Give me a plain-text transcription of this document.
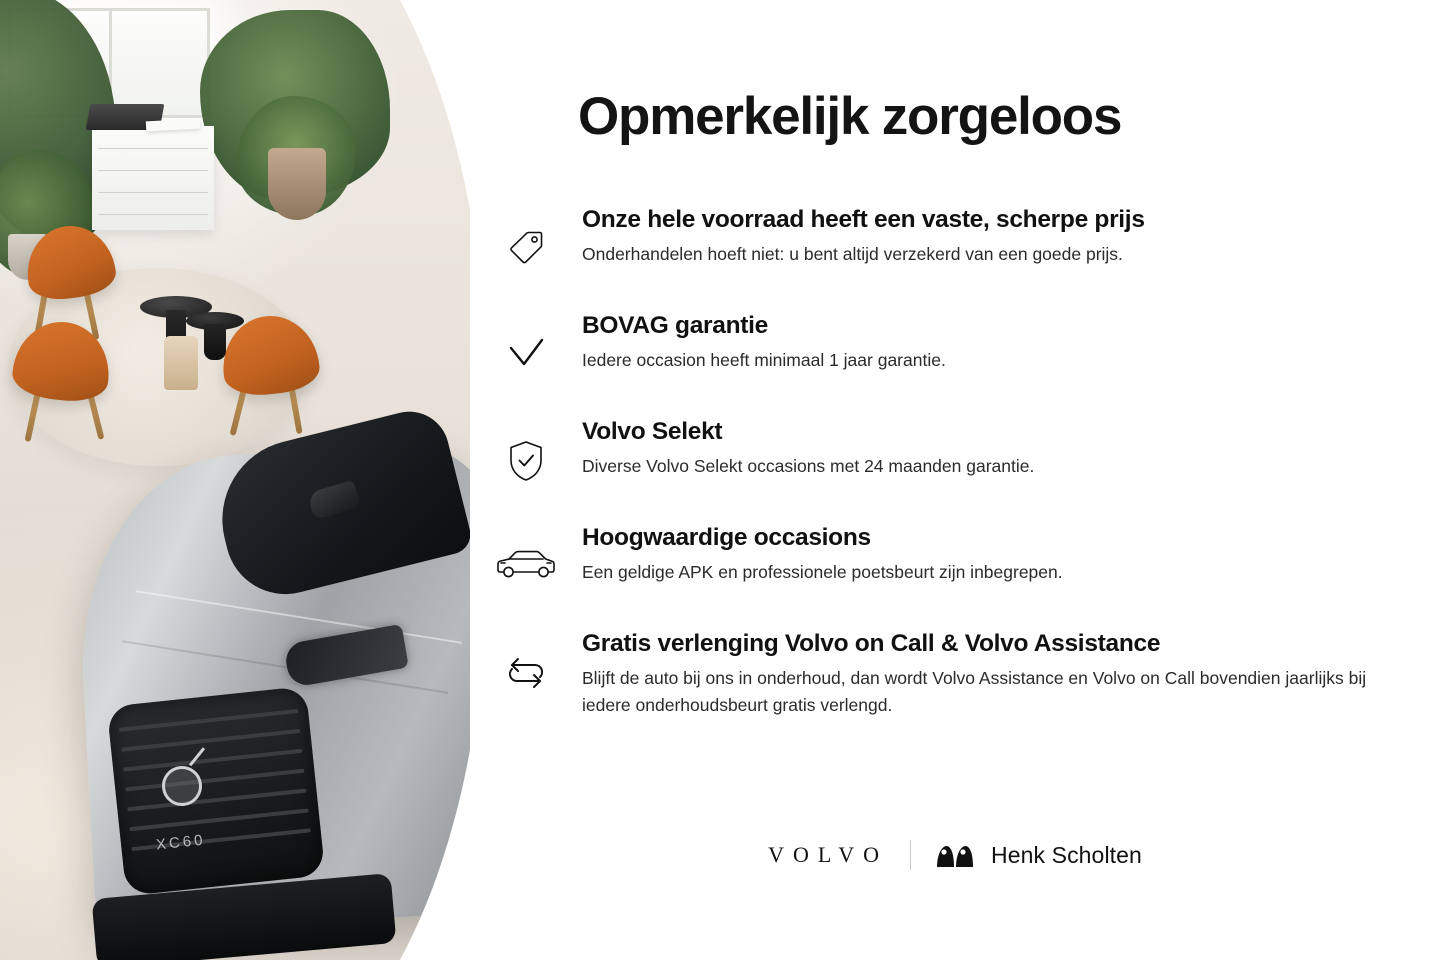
XC60
Opmerkelijk zorgeloos

Onze hele voorraad heeft een vaste, scherpe prijs

Onderhandelen hoeft niet: u bent altijd verzekerd van een goede prijs.

BOVAG garantie

Iedere occasion heeft minimaal 1 jaar garantie.

Volvo Selekt

Diverse Volvo Selekt occasions met 24 maanden garantie.

Hoogwaardige occasions

Een geldige APK en professionele poetsbeurt zijn inbegrepen.

Gratis verlenging Volvo on Call & Volvo Assistance

Blijft de auto bij ons in onderhoud, dan wordt Volvo Assistance en Volvo on Call bovendien jaarlijks bij iedere onderhoudsbeurt gratis verlengd.

VOLVO	Henk Scholten
